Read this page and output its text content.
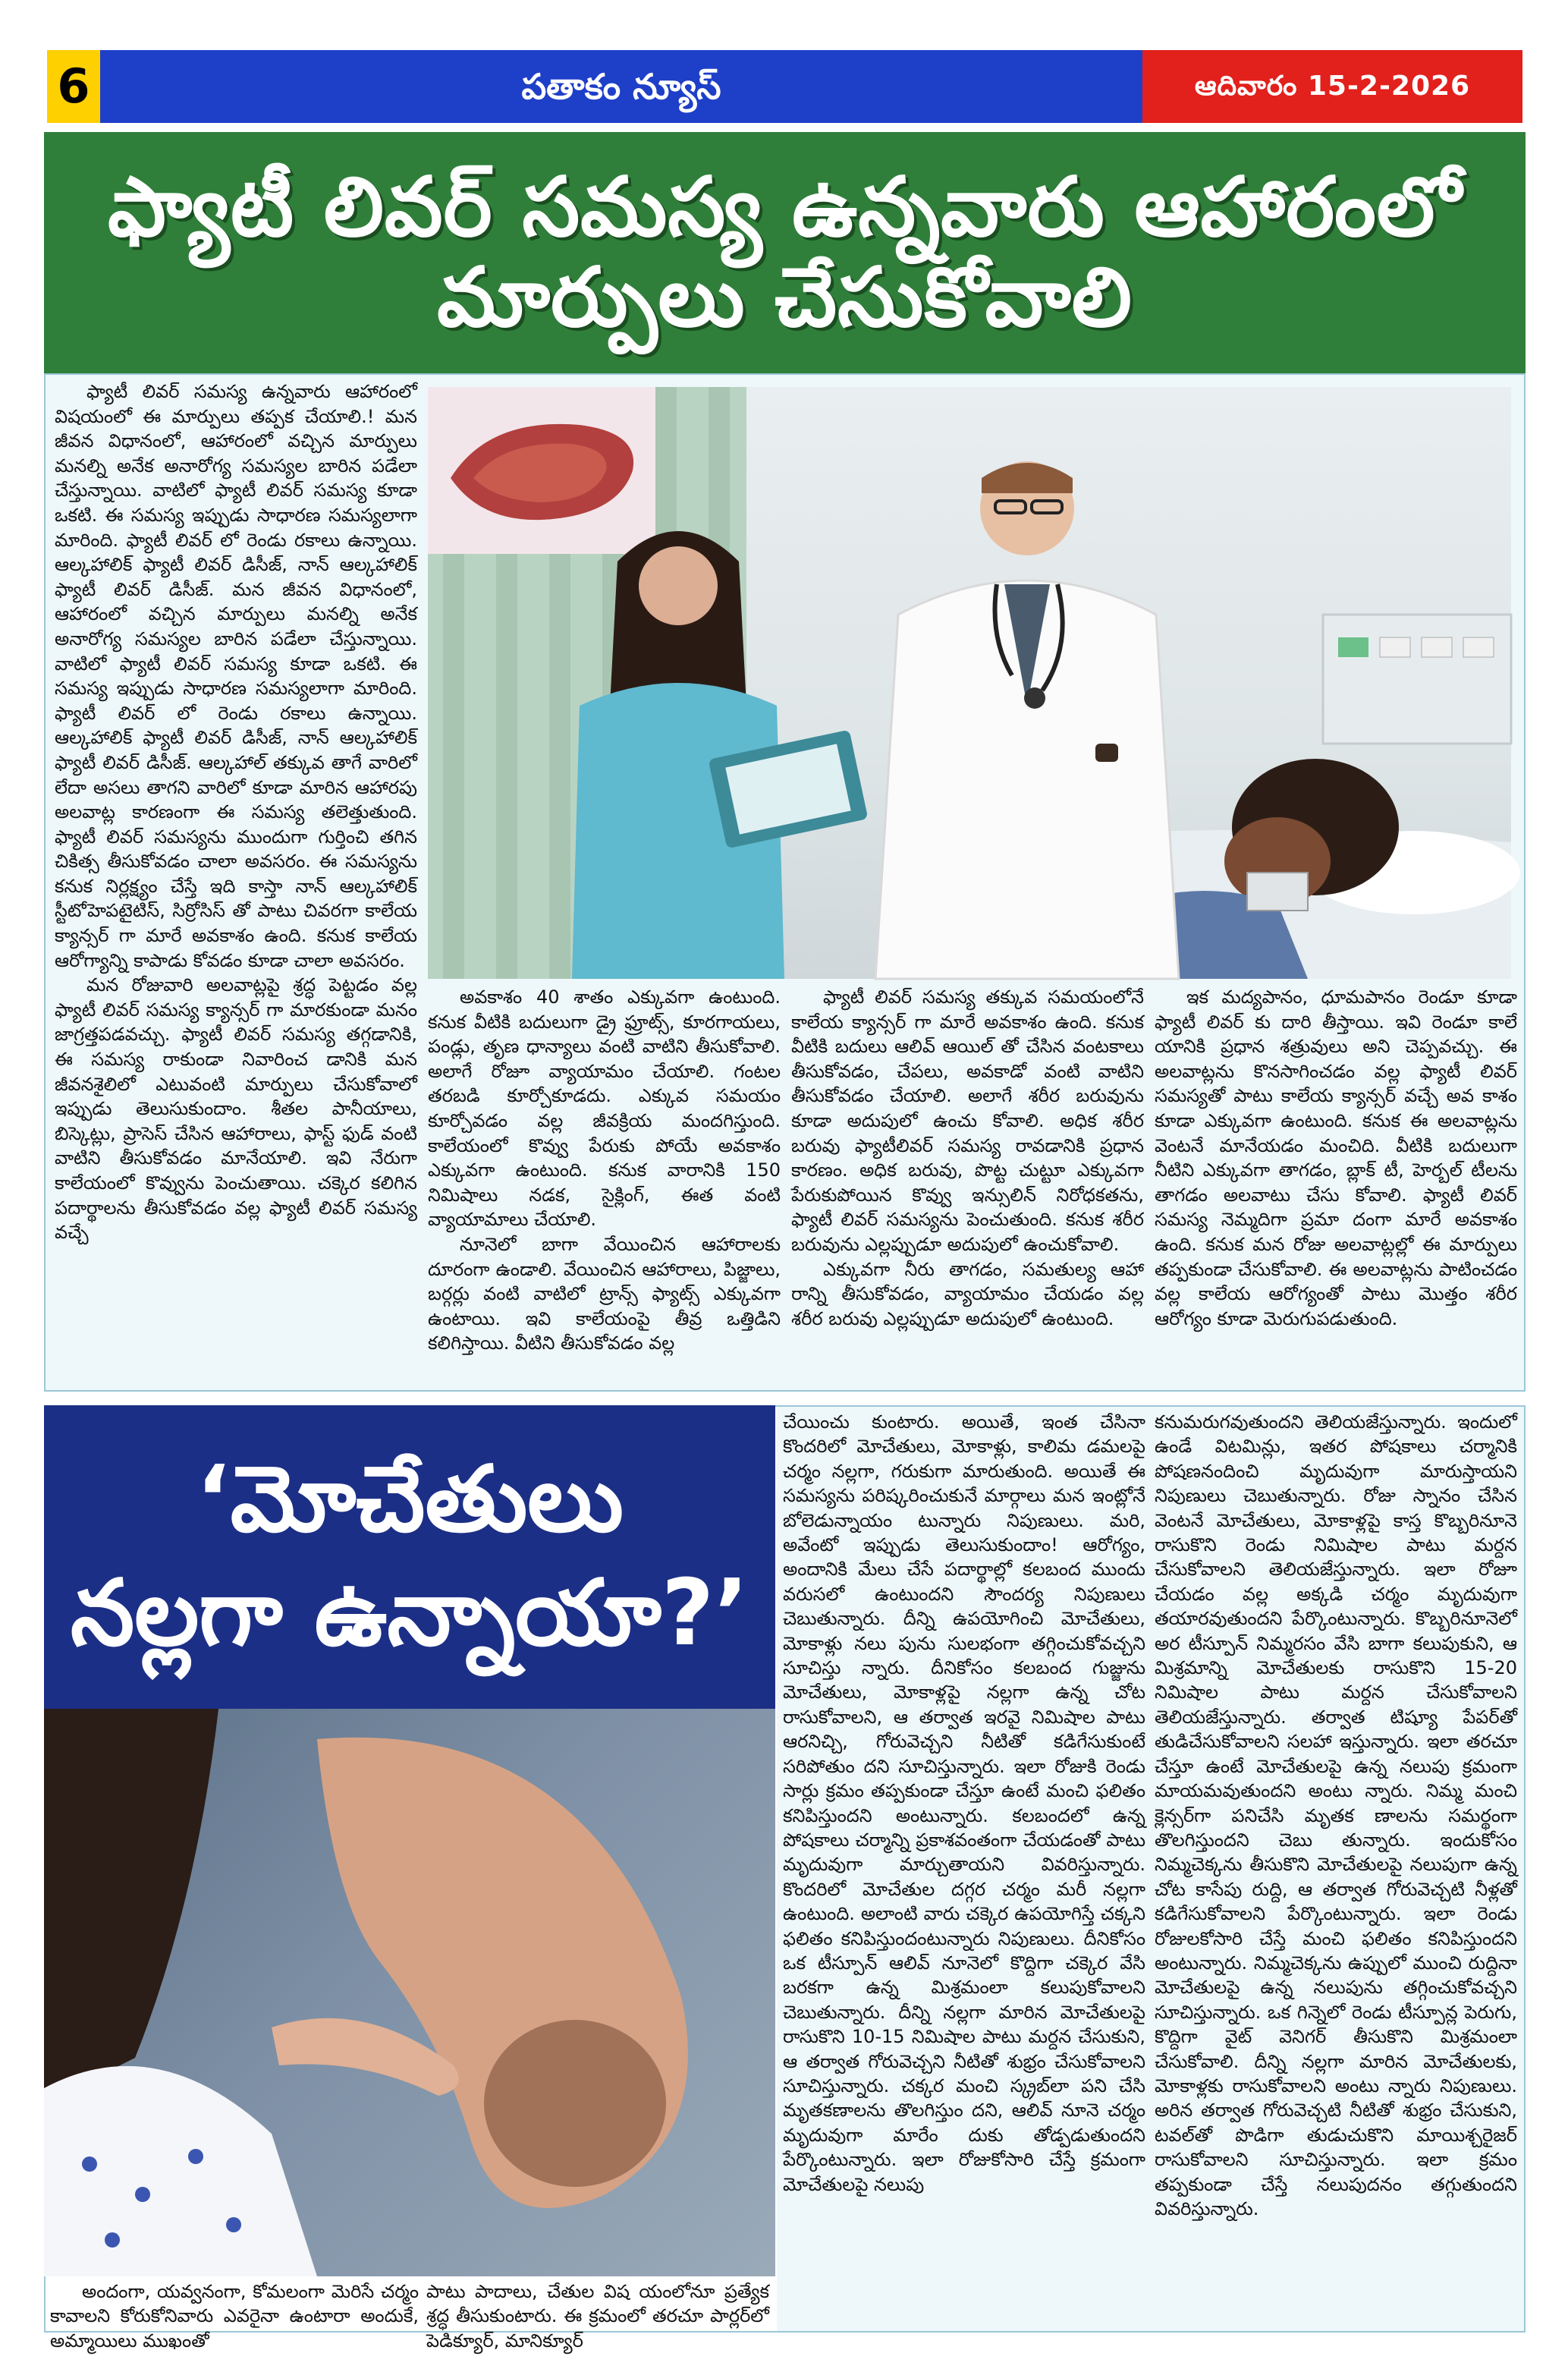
6	పతాకం న్యూస్	ఆదివారం 15-2-2026
ఫ్యాటీ లివర్ సమస్య ఉన్నవారు ఆహారంలో మార్పులు చేసుకోవాలి

ఫ్యాటీ లివర్ సమస్య ఉన్నవారు ఆహారంలో విషయంలో ఈ మార్పులు తప్పక చేయాలి.! మన జీవన విధానంలో, ఆహారంలో వచ్చిన మార్పులు మనల్ని అనేక అనారోగ్య సమస్యల బారిన పడేలా చేస్తున్నాయి. వాటిలో ఫ్యాటీ లివర్ సమస్య కూడా ఒకటి. ఈ సమస్య ఇప్పుడు సాధారణ సమస్యలాగా మారింది. ఫ్యాటీ లివర్ లో రెండు రకాలు ఉన్నాయి. ఆల్కహాలిక్ ఫ్యాటీ లివర్ డిసీజ్, నాన్ ఆల్కహాలిక్ ఫ్యాటీ లివర్ డిసీజ్. మన జీవన విధానంలో, ఆహారంలో వచ్చిన మార్పులు మనల్ని అనేక అనారోగ్య సమస్యల బారిన పడేలా చేస్తున్నాయి. వాటిలో ఫ్యాటీ లివర్ సమస్య కూడా ఒకటి. ఈ సమస్య ఇప్పుడు సాధారణ సమస్యలాగా మారింది. ఫ్యాటీ లివర్ లో రెండు రకాలు ఉన్నాయి. ఆల్కహాలిక్ ఫ్యాటీ లివర్ డిసీజ్, నాన్ ఆల్కహాలిక్ ఫ్యాటీ లివర్ డిసీజ్. ఆల్కహాల్ తక్కువ తాగే వారిలో లేదా అసలు తాగని వారిలో కూడా మారిన ఆహారపు అలవాట్ల కారణంగా ఈ సమస్య తలెత్తుతుంది. ఫ్యాటీ లివర్ సమస్యను ముందుగా గుర్తించి తగిన చికిత్స తీసుకోవడం చాలా అవసరం. ఈ సమస్యను కనుక నిర్లక్ష్యం చేస్తే ఇది కాస్తా నాన్ ఆల్కహాలిక్ స్టీటోహెపటైటిస్, సిర్రోసిస్ తో పాటు చివరగా కాలేయ క్యాన్సర్ గా మారే అవకాశం ఉంది. కనుక కాలేయ ఆరోగ్యాన్ని కాపాడు కోవడం కూడా చాలా అవసరం.

మన రోజువారి అలవాట్లపై శ్రద్ధ పెట్టడం వల్ల ఫ్యాటీ లివర్ సమస్య క్యాన్సర్ గా మారకుండా మనం జాగ్రత్తపడవచ్చు. ఫ్యాటీ లివర్ సమస్య తగ్గడానికి, ఈ సమస్య రాకుండా నివారించ డానికి మన జీవనశైలిలో ఎటువంటి మార్పులు చేసుకోవాలో ఇప్పుడు తెలుసుకుందాం. శీతల పానీయాలు, బిస్కెట్లు, ప్రాసెస్ చేసిన ఆహారాలు, ఫాస్ట్ ఫుడ్ వంటి వాటిని తీసుకోవడం మానేయాలి. ఇవి నేరుగా కాలేయంలో కొవ్వును పెంచుతాయి. చక్కెర కలిగిన పదార్థాలను తీసుకోవడం వల్ల ఫ్యాటీ లివర్ సమస్య వచ్చే

అవకాశం 40 శాతం ఎక్కువగా ఉంటుంది. కనుక వీటికి బదులుగా డ్రై ఫ్రూట్స్, కూరగాయలు, పండ్లు, తృణ ధాన్యాలు వంటి వాటిని తీసుకోవాలి. అలాగే రోజూ వ్యాయామం చేయాలి. గంటల తరబడి కూర్చోకూడదు. ఎక్కువ సమయం కూర్చోవడం వల్ల జీవక్రియ మందగిస్తుంది. కాలేయంలో కొవ్వు పేరుకు పోయే అవకాశం ఎక్కువగా ఉంటుంది. కనుక వారానికి 150 నిమిషాలు నడక, సైక్లింగ్, ఈత వంటి వ్యాయామాలు చేయాలి.

నూనెలో బాగా వేయించిన ఆహారాలకు దూరంగా ఉండాలి. వేయించిన ఆహారాలు, పిజ్జాలు, బర్గర్లు వంటి వాటిలో ట్రాన్స్ ఫ్యాట్స్ ఎక్కువగా ఉంటాయి. ఇవి కాలేయంపై తీవ్ర ఒత్తిడిని కలిగిస్తాయి. వీటిని తీసుకోవడం వల్ల

ఫ్యాటీ లివర్ సమస్య తక్కువ సమయంలోనే కాలేయ క్యాన్సర్ గా మారే అవకాశం ఉంది. కనుక వీటికి బదులు ఆలివ్ ఆయిల్ తో చేసిన వంటకాలు తీసుకోవడం, చేపలు, అవకాడో వంటి వాటిని తీసుకోవడం చేయాలి. అలాగే శరీర బరువును కూడా అదుపులో ఉంచు కోవాలి. అధిక శరీర బరువు ఫ్యాటీలివర్ సమస్య రావడానికి ప్రధాన కారణం. అధిక బరువు, పొట్ట చుట్టూ ఎక్కువగా పేరుకుపోయిన కొవ్వు ఇన్సులిన్ నిరోధకతను, ఫ్యాటీ లివర్ సమస్యను పెంచుతుంది. కనుక శరీర బరువును ఎల్లప్పుడూ అదుపులో ఉంచుకోవాలి.

ఎక్కువగా నీరు తాగడం, సమతుల్య ఆహా రాన్ని తీసుకోవడం, వ్యాయామం చేయడం వల్ల శరీర బరువు ఎల్లప్పుడూ అదుపులో ఉంటుంది.

ఇక మద్యపానం, ధూమపానం రెండూ కూడా ఫ్యాటీ లివర్ కు దారి తీస్తాయి. ఇవి రెండూ కాలే యానికి ప్రధాన శత్రువులు అని చెప్పవచ్చు. ఈ అలవాట్లను కొనసాగించడం వల్ల ఫ్యాటీ లివర్ సమస్యతో పాటు కాలేయ క్యాన్సర్ వచ్చే అవ కాశం కూడా ఎక్కువగా ఉంటుంది. కనుక ఈ అలవాట్లను వెంటనే మానేయడం మంచిది. వీటికి బదులుగా నీటిని ఎక్కువగా తాగడం, బ్లాక్ టీ, హెర్బల్ టీలను తాగడం అలవాటు చేసు కోవాలి. ఫ్యాటీ లివర్ సమస్య నెమ్మదిగా ప్రమా దంగా మారే అవకాశం ఉంది. కనుక మన రోజు అలవాట్లల్లో ఈ మార్పులు తప్పకుండా చేసుకోవాలి. ఈ అలవాట్లను పాటించడం వల్ల కాలేయ ఆరోగ్యంతో పాటు మొత్తం శరీర ఆరోగ్యం కూడా మెరుగుపడుతుంది.

‘మోచేతులు
నల్లగా ఉన్నాయా?’

అందంగా, యవ్వనంగా, కోమలంగా మెరిసే చర్మం కావాలని కోరుకోనివారు ఎవరైనా ఉంటారా అందుకే, అమ్మాయిలు ముఖంతో

పాటు పాదాలు, చేతుల విష యంలోనూ ప్రత్యేక శ్రద్ధ తీసుకుంటారు. ఈ క్రమంలో తరచూ పార్లర్‌లో పెడిక్యూర్, మానిక్యూర్

చేయించు కుంటారు. అయితే, ఇంత చేసినా కొందరిలో మోచేతులు, మోకాళ్లు, కాలిమ డమలపై చర్మం నల్లగా, గరుకుగా మారుతుంది. అయితే ఈ సమస్యను పరిష్కరించుకునే మార్గాలు మన ఇంట్లోనే బోలెడున్నాయం టున్నారు నిపుణులు. మరి, అవేంటో ఇప్పుడు తెలుసుకుందాం! ఆరోగ్యం, అందానికి మేలు చేసే పదార్థాల్లో కలబంద ముందు వరుసలో ఉంటుందని సౌందర్య నిపుణులు చెబుతున్నారు. దీన్ని ఉపయోగించి మోచేతులు, మోకాళ్లు నలు పును సులభంగా తగ్గించుకోవచ్చని సూచిస్తు న్నారు. దీనికోసం కలబంద గుజ్జును మోచేతులు, మోకాళ్లపై నల్లగా ఉన్న చోట రాసుకోవాలని, ఆ తర్వాత ఇరవై నిమిషాల పాటు ఆరనిచ్చి, గోరువెచ్చని నీటితో కడిగేసుకుంటే సరిపోతుం దని సూచిస్తున్నారు. ఇలా రోజుకి రెండు సార్లు క్రమం తప్పకుండా చేస్తూ ఉంటే మంచి ఫలితం కనిపిస్తుందని అంటున్నారు. కలబందలో ఉన్న పోషకాలు చర్మాన్ని ప్రకాశవంతంగా చేయడంతో పాటు మృదువుగా మార్చుతాయని వివరిస్తున్నారు. కొందరిలో మోచేతుల దగ్గర చర్మం మరీ నల్లగా ఉంటుంది. అలాంటి వారు చక్కెర ఉపయోగిస్తే చక్కని ఫలితం కనిపిస్తుందంటున్నారు నిపుణులు. దీనికోసం ఒక టీస్పూన్ ఆలివ్ నూనెలో కొద్దిగా చక్కెర వేసి బరకగా ఉన్న మిశ్రమంలా కలుపుకోవాలని చెబుతున్నారు. దీన్ని నల్లగా మారిన మోచేతులపై రాసుకొని 10-15 నిమిషాల పాటు మర్దన చేసుకుని, ఆ తర్వాత గోరువెచ్చని నీటితో శుభ్రం చేసుకోవాలని సూచిస్తున్నారు. చక్కర మంచి స్క్రబ్‌లా పని చేసి మృతకణాలను తొలగిస్తుం దని, ఆలివ్ నూనె చర్మం మృదువుగా మారేం దుకు తోడ్పడుతుందని పేర్కొంటున్నారు. ఇలా రోజుకోసారి చేస్తే క్రమంగా మోచేతులపై నలుపు

కనుమరుగవుతుందని తెలియజేస్తున్నారు. ఇందులో ఉండే విటమిన్లు, ఇతర పోషకాలు చర్మానికి పోషణనందించి మృదువుగా మారుస్తాయని నిపుణులు చెబుతున్నారు. రోజు స్నానం చేసిన వెంటనే మోచేతులు, మోకాళ్లపై కాస్త కొబ్బరినూనె రాసుకొని రెండు నిమిషాల పాటు మర్దన చేసుకోవాలని తెలియజేస్తున్నారు. ఇలా రోజూ చేయడం వల్ల అక్కడి చర్మం మృదువుగా తయారవుతుందని పేర్కొంటున్నారు. కొబ్బరినూనెలో అర టీస్పూన్ నిమ్మరసం వేసి బాగా కలుపుకుని, ఆ మిశ్రమాన్ని మోచేతులకు రాసుకొని 15-20 నిమిషాల పాటు మర్దన చేసుకోవాలని తెలియజేస్తున్నారు. తర్వాత టిష్యూ పేపర్‌తో తుడిచేసుకోవాలని సలహా ఇస్తున్నారు. ఇలా తరచూ చేస్తూ ఉంటే మోచేతులపై ఉన్న నలుపు క్రమంగా మాయమవుతుందని అంటు న్నారు. నిమ్మ మంచి క్లెన్సర్‌గా పనిచేసి మృతక ణాలను సమర్థంగా తొలగిస్తుందని చెబు తున్నారు. ఇందుకోసం నిమ్మచెక్కను తీసుకొని మోచేతులపై నలుపుగా ఉన్న చోట కాసేపు రుద్ది, ఆ తర్వాత గోరువెచ్చటి నీళ్లతో కడిగేసుకోవాలని పేర్కొంటున్నారు. ఇలా రెండు రోజులకోసారి చేస్తే మంచి ఫలితం కనిపిస్తుందని అంటున్నారు. నిమ్మచెక్కను ఉప్పులో ముంచి రుద్దినా మోచేతులపై ఉన్న నలుపును తగ్గించుకోవచ్చని సూచిస్తున్నారు. ఒక గిన్నెలో రెండు టీస్పూన్ల పెరుగు, కొద్దిగా వైట్ వెనిగర్ తీసుకొని మిశ్రమంలా చేసుకోవాలి. దీన్ని నల్లగా మారిన మోచేతులకు, మోకాళ్లకు రాసుకోవాలని అంటు న్నారు నిపుణులు. అరిన తర్వాత గోరువెచ్చటి నీటితో శుభ్రం చేసుకుని, టవల్‌తో పొడిగా తుడుచుకొని మాయిశ్చరైజర్ రాసుకోవాలని సూచిస్తున్నారు. ఇలా క్రమం తప్పకుండా చేస్తే నలుపుదనం తగ్గుతుందని వివరిస్తున్నారు.
